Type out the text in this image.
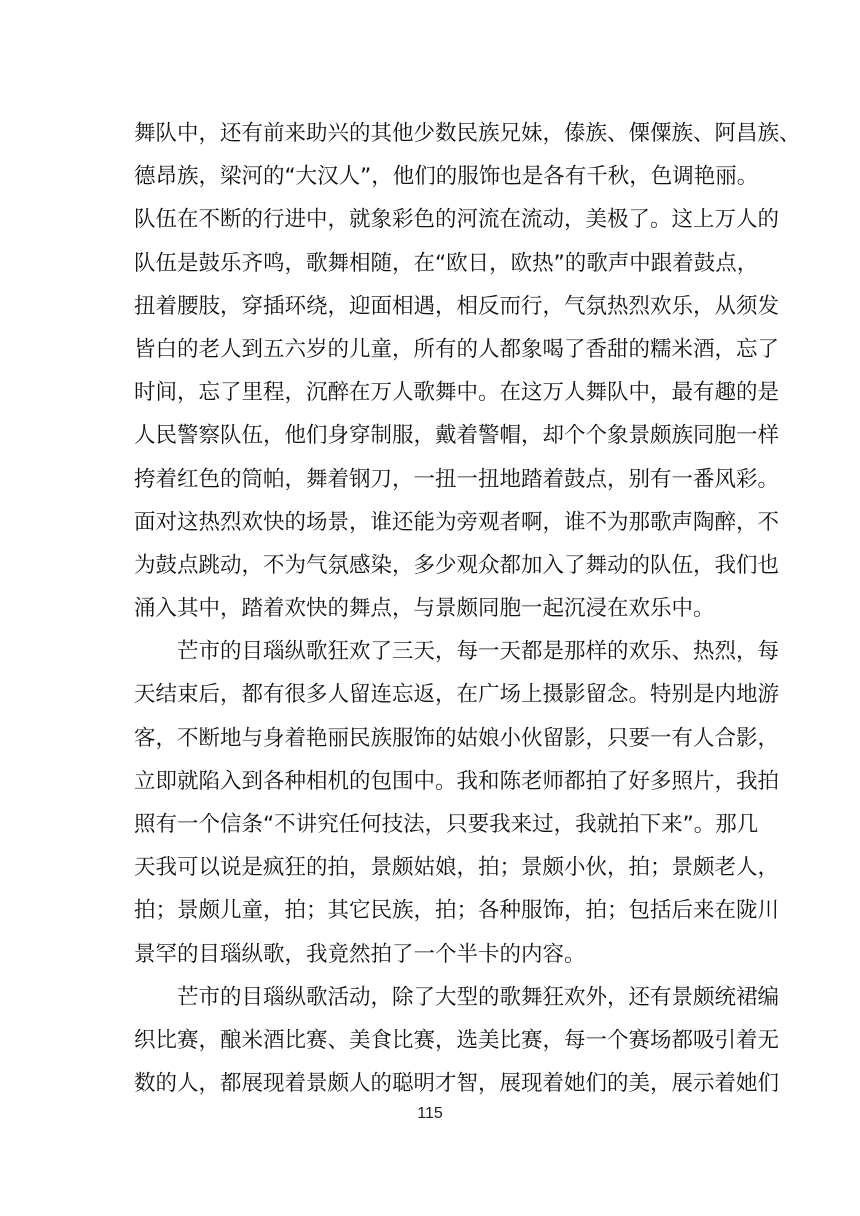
舞队中，还有前来助兴的其他少数民族兄妹，傣族、傈僳族、阿昌族、
德昂族，梁河的“大汉人”，他们的服饰也是各有千秋，色调艳丽。
队伍在不断的行进中，就象彩色的河流在流动，美极了。这上万人的
队伍是鼓乐齐鸣，歌舞相随，在“欧日，欧热”的歌声中跟着鼓点，
扭着腰肢，穿插环绕，迎面相遇，相反而行，气氛热烈欢乐，从须发
皆白的老人到五六岁的儿童，所有的人都象喝了香甜的糯米酒，忘了
时间，忘了里程，沉醉在万人歌舞中。在这万人舞队中，最有趣的是
人民警察队伍，他们身穿制服，戴着警帽，却个个象景颇族同胞一样
挎着红色的筒帕，舞着钢刀，一扭一扭地踏着鼓点，别有一番风彩。
面对这热烈欢快的场景，谁还能为旁观者啊，谁不为那歌声陶醉，不
为鼓点跳动，不为气氛感染，多少观众都加入了舞动的队伍，我们也
涌入其中，踏着欢快的舞点，与景颇同胞一起沉浸在欢乐中。
芒市的目瑙纵歌狂欢了三天，每一天都是那样的欢乐、热烈，每
天结束后，都有很多人留连忘返，在广场上摄影留念。特别是内地游
客，不断地与身着艳丽民族服饰的姑娘小伙留影，只要一有人合影，
立即就陷入到各种相机的包围中。我和陈老师都拍了好多照片，我拍
照有一个信条“不讲究任何技法，只要我来过，我就拍下来”。那几
天我可以说是疯狂的拍，景颇姑娘，拍；景颇小伙，拍；景颇老人，
拍；景颇儿童，拍；其它民族，拍；各种服饰，拍；包括后来在陇川
景罕的目瑙纵歌，我竟然拍了一个半卡的内容。
芒市的目瑙纵歌活动，除了大型的歌舞狂欢外，还有景颇统裙编
织比赛，酿米酒比赛、美食比赛，选美比赛，每一个赛场都吸引着无
数的人，都展现着景颇人的聪明才智，展现着她们的美，展示着她们
115
